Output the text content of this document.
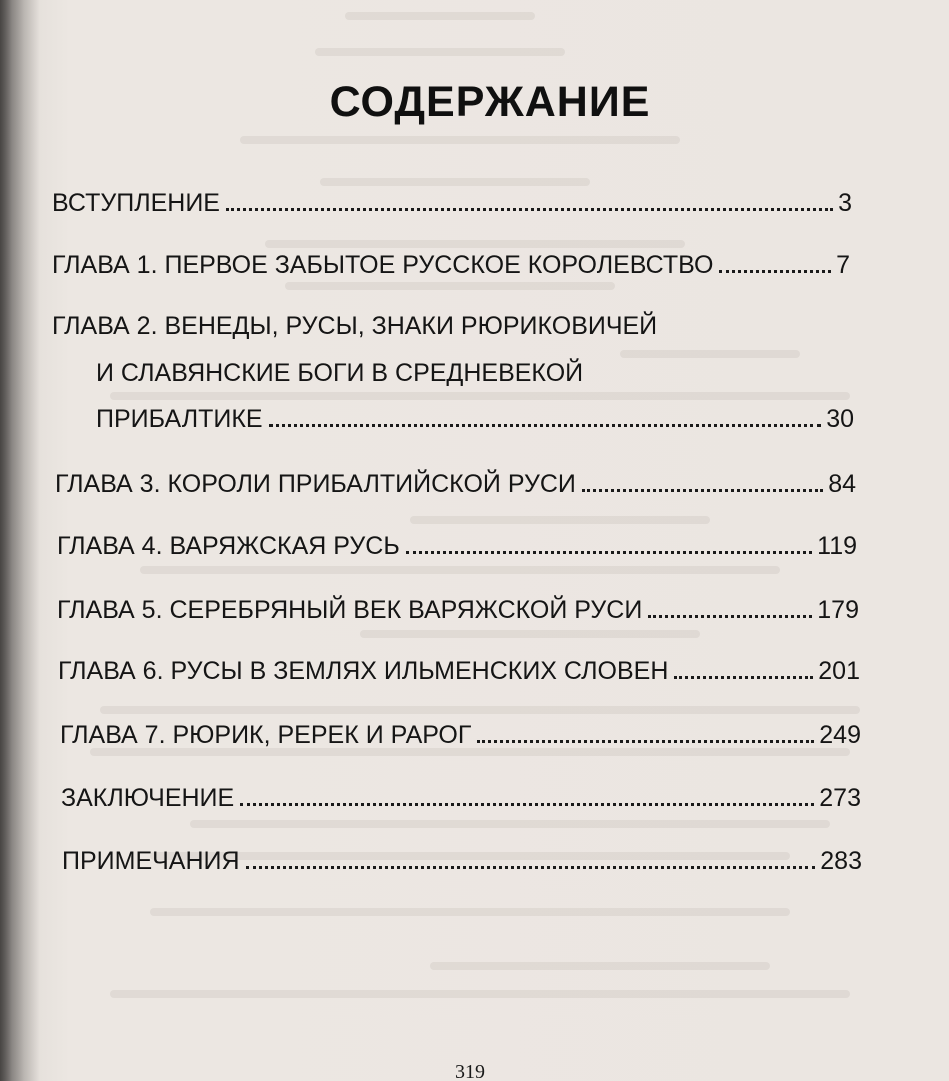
СОДЕРЖАНИЕ
ВСТУПЛЕНИЕ	3
ГЛАВА 1. ПЕРВОЕ ЗАБЫТОЕ РУССКОЕ КОРОЛЕВСТВО	7
ГЛАВА 2. ВЕНЕДЫ, РУСЫ, ЗНАКИ РЮРИКОВИЧЕЙ
И СЛАВЯНСКИЕ БОГИ В СРЕДНЕВЕКОЙ
ПРИБАЛТИКЕ	30
ГЛАВА 3. КОРОЛИ ПРИБАЛТИЙСКОЙ РУСИ	84
ГЛАВА 4. ВАРЯЖСКАЯ РУСЬ	119
ГЛАВА 5. СЕРЕБРЯНЫЙ ВЕК ВАРЯЖСКОЙ РУСИ	179
ГЛАВА 6. РУСЫ В ЗЕМЛЯХ ИЛЬМЕНСКИХ СЛОВЕН	201
ГЛАВА 7. РЮРИК, РЕРЕК И РАРОГ	249
ЗАКЛЮЧЕНИЕ	273
ПРИМЕЧАНИЯ	283
319
